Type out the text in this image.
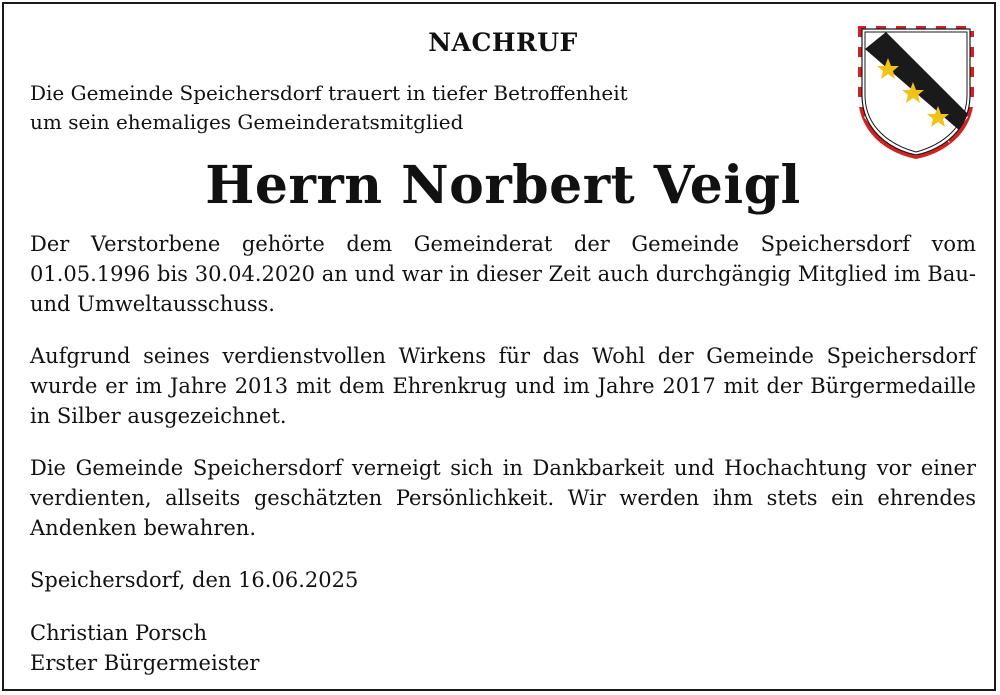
NACHRUF
Die Gemeinde Speichersdorf trauert in tiefer Betroffenheit
um sein ehemaliges Gemeinderatsmitglied
Herrn Norbert Veigl
Der Verstorbene gehörte dem Gemeinderat der Gemeinde Speichersdorf vom 01.05.1996 bis 30.04.2020 an und war in dieser Zeit auch durchgängig Mitglied im Bau- und Umweltausschuss.
Aufgrund seines verdienstvollen Wirkens für das Wohl der Gemeinde Speichersdorf wurde er im Jahre 2013 mit dem Ehrenkrug und im Jahre 2017 mit der Bürgermedaille in Silber ausgezeichnet.
Die Gemeinde Speichersdorf verneigt sich in Dankbarkeit und Hochachtung vor einer verdienten, allseits geschätzten Persönlichkeit. Wir werden ihm stets ein ehrendes Andenken bewahren.
Speichersdorf, den 16.06.2025
Christian Porsch
Erster Bürgermeister
